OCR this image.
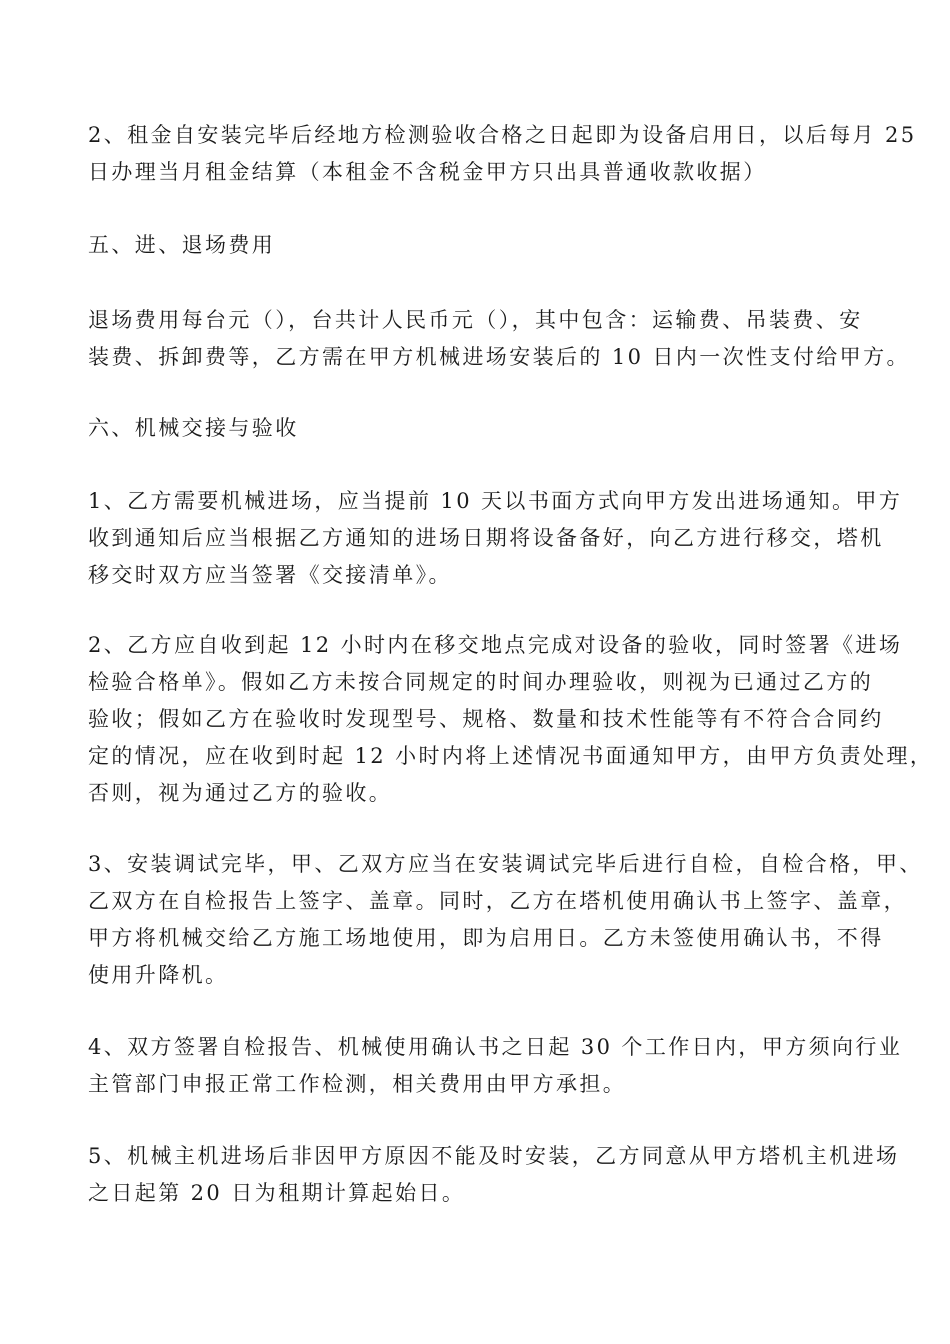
2、租金自安装完毕后经地方检测验收合格之日起即为设备启用日，以后每月 25
日办理当月租金结算（本租金不含税金甲方只出具普通收款收据）

五、进、退场费用

退场费用每台元（），台共计人民币元（），其中包含：运输费、吊装费、安
装费、拆卸费等，乙方需在甲方机械进场安装后的 10 日内一次性支付给甲方。

六、机械交接与验收

1、乙方需要机械进场，应当提前 10 天以书面方式向甲方发出进场通知。甲方
收到通知后应当根据乙方通知的进场日期将设备备好，向乙方进行移交，塔机
移交时双方应当签署《交接清单》。

2、乙方应自收到起 12 小时内在移交地点完成对设备的验收，同时签署《进场
检验合格单》。假如乙方未按合同规定的时间办理验收，则视为已通过乙方的
验收；假如乙方在验收时发现型号、规格、数量和技术性能等有不符合合同约
定的情况，应在收到时起 12 小时内将上述情况书面通知甲方，由甲方负责处理，
否则，视为通过乙方的验收。

3、安装调试完毕，甲、乙双方应当在安装调试完毕后进行自检，自检合格，甲、
乙双方在自检报告上签字、盖章。同时，乙方在塔机使用确认书上签字、盖章，
甲方将机械交给乙方施工场地使用，即为启用日。乙方未签使用确认书，不得
使用升降机。

4、双方签署自检报告、机械使用确认书之日起 30 个工作日内，甲方须向行业
主管部门申报正常工作检测，相关费用由甲方承担。

5、机械主机进场后非因甲方原因不能及时安装，乙方同意从甲方塔机主机进场
之日起第 20 日为租期计算起始日。
